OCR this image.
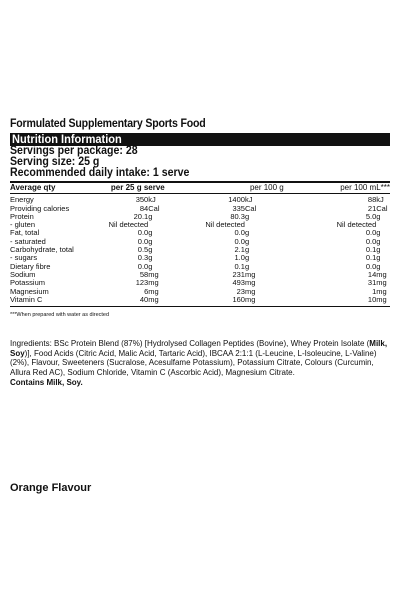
Formulated Supplementary Sports Food
Nutrition Information
Servings per package: 28
Serving size: 25 g
Recommended daily intake: 1 serve
Average qty	per 25 g serve		per 100 g		per 100 mL***	
Energy	350	kJ	1400	kJ	88	kJ
Providing calories	84	Cal	335	Cal	21	Cal
Protein	20.1	g	80.3	g	5.0	g
- gluten	Nil detected		Nil detected		Nil detected	
Fat, total	0.0	g	0.0	g	0.0	g
- saturated	0.0	g	0.0	g	0.0	g
Carbohydrate, total	0.5	g	2.1	g	0.1	g
- sugars	0.3	g	1.0	g	0.1	g
Dietary fibre	0.0	g	0.1	g	0.0	g
Sodium	58	mg	231	mg	14	mg
Potassium	123	mg	493	mg	31	mg
Magnesium	6	mg	23	mg	1	mg
Vitamin C	40	mg	160	mg	10	mg
***When prepared with water as directed
Ingredients: BSc Protein Blend (87%) [Hydrolysed Collagen Peptides (Bovine), Whey Protein Isolate (Milk, Soy)], Food Acids (Citric Acid, Malic Acid, Tartaric Acid), IBCAA 2:1:1 (L-Leucine, L-Isoleucine, L-Valine) (2%), Flavour, Sweeteners (Sucralose, Acesulfame Potassium), Potassium Citrate, Colours (Curcumin, Allura Red AC), Sodium Chloride, Vitamin C (Ascorbic Acid), Magnesium Citrate.
Contains Milk, Soy.
Orange Flavour
